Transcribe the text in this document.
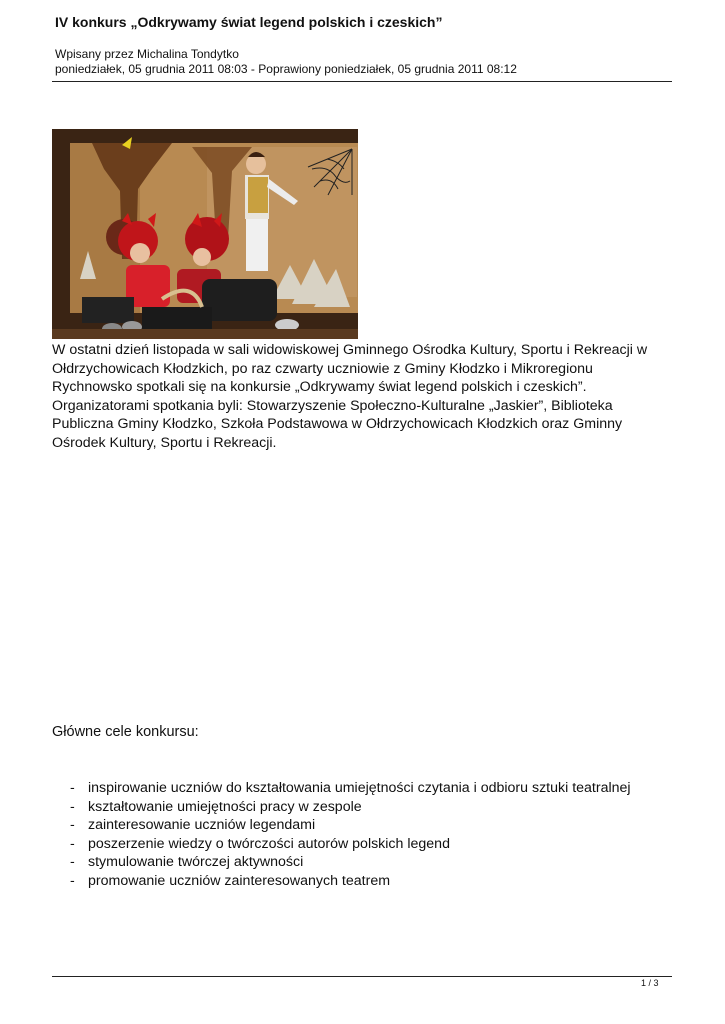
IV konkurs „Odkrywamy świat legend polskich i czeskich”
Wpisany przez Michalina Tondytko
poniedziałek, 05 grudnia 2011 08:03 - Poprawiony poniedziałek, 05 grudnia 2011 08:12
W ostatni dzień listopada w sali widowiskowej Gminnego Ośrodka Kultury, Sportu i Rekreacji w Ołdrzychowicach Kłodzkich, po raz czwarty uczniowie z Gminy Kłodzko i Mikroregionu Rychnowsko spotkali się na konkursie „Odkrywamy świat legend polskich i czeskich”. Organizatorami spotkania byli: Stowarzyszenie Społeczno-Kulturalne „Jaskier”, Biblioteka Publiczna Gminy Kłodzko, Szkoła Podstawowa w Ołdrzychowicach Kłodzkich oraz Gminny Ośrodek Kultury, Sportu i Rekreacji.
Główne cele konkursu:
- inspirowanie uczniów do kształtowania umiejętności czytania i odbioru sztuki teatralnej
- kształtowanie umiejętności pracy w zespole
- zainteresowanie uczniów legendami
- poszerzenie wiedzy o twórczości autorów polskich legend
- stymulowanie twórczej aktywności
- promowanie uczniów zainteresowanych teatrem
1 / 3
